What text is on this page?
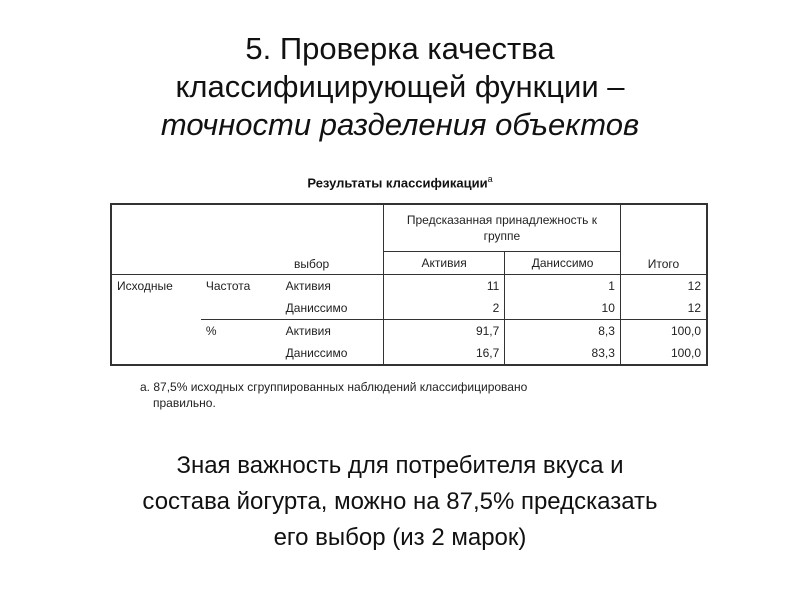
5. Проверка качества
классифицирующей функции –
точности разделения объектов
Результаты классификации$^a$
выбор			Предсказанная принадлежность к группе		Итого
			Активия	Даниссимо	
Исходные	Частота	Активия	11	1	12
		Даниссимо	2	10	12
	%	Активия	91,7	8,3	100,0
		Даниссимо	16,7	83,3	100,0
a. 87,5% исходных сгруппированных наблюдений классифицировано
правильно.
Зная важность для потребителя вкуса и
состава йогурта, можно на 87,5% предсказать
его выбор (из 2 марок)
